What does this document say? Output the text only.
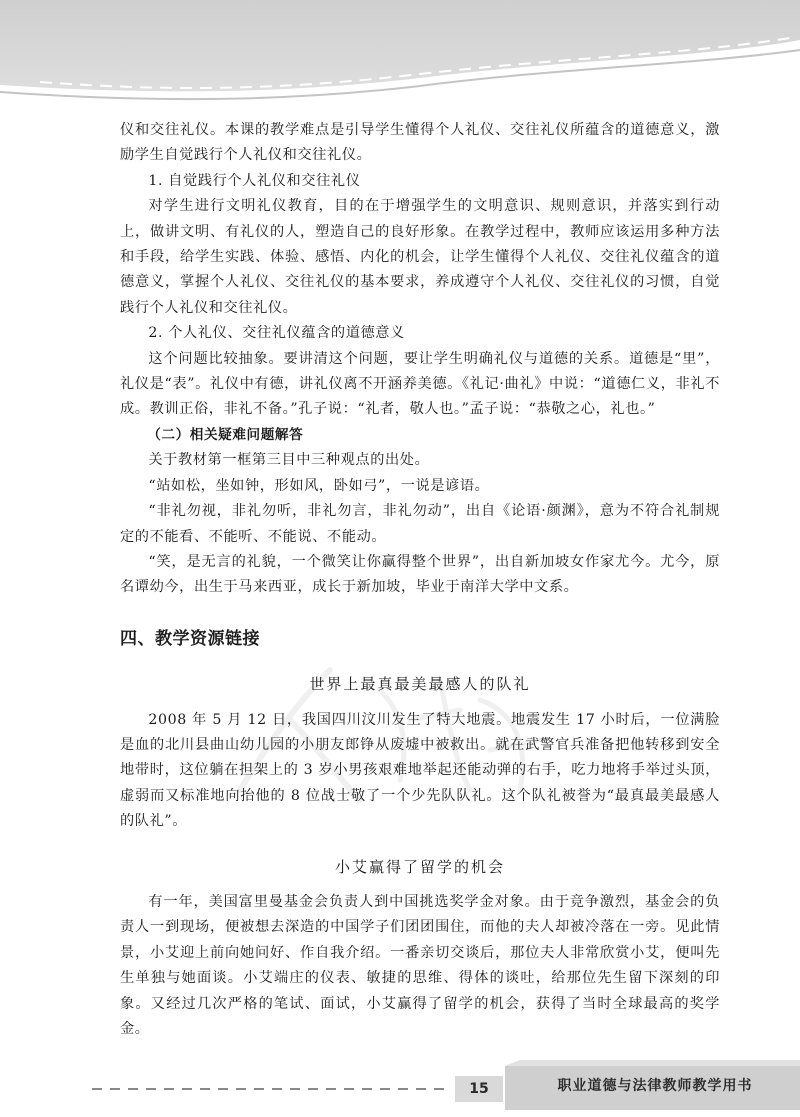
仪和交往礼仪。本课的教学难点是引导学生懂得个人礼仪、交往礼仪所蕴含的道德意义，激励学生自觉践行个人礼仪和交往礼仪。

1. 自觉践行个人礼仪和交往礼仪

对学生进行文明礼仪教育，目的在于增强学生的文明意识、规则意识，并落实到行动上，做讲文明、有礼仪的人，塑造自己的良好形象。在教学过程中，教师应该运用多种方法和手段，给学生实践、体验、感悟、内化的机会，让学生懂得个人礼仪、交往礼仪蕴含的道德意义，掌握个人礼仪、交往礼仪的基本要求，养成遵守个人礼仪、交往礼仪的习惯，自觉践行个人礼仪和交往礼仪。

2. 个人礼仪、交往礼仪蕴含的道德意义

这个问题比较抽象。要讲清这个问题，要让学生明确礼仪与道德的关系。道德是“里”，礼仪是“表”。礼仪中有德，讲礼仪离不开涵养美德。《礼记·曲礼》中说：“道德仁义，非礼不成。教训正俗，非礼不备。”孔子说：“礼者，敬人也。”孟子说：“恭敬之心，礼也。”

（二）相关疑难问题解答

关于教材第一框第三目中三种观点的出处。

“站如松，坐如钟，形如风，卧如弓”，一说是谚语。

“非礼勿视，非礼勿听，非礼勿言，非礼勿动”，出自《论语·颜渊》，意为不符合礼制规定的不能看、不能听、不能说、不能动。

“笑，是无言的礼貌，一个微笑让你赢得整个世界”，出自新加坡女作家尤今。尤今，原名谭幼今，出生于马来西亚，成长于新加坡，毕业于南洋大学中文系。

四、教学资源链接

世界上最真最美最感人的队礼

2008 年 5 月 12 日，我国四川汶川发生了特大地震。地震发生 17 小时后，一位满脸是血的北川县曲山幼儿园的小朋友郎铮从废墟中被救出。就在武警官兵准备把他转移到安全地带时，这位躺在担架上的 3 岁小男孩艰难地举起还能动弹的右手，吃力地将手举过头顶，虚弱而又标准地向抬他的 8 位战士敬了一个少先队队礼。这个队礼被誉为“最真最美最感人的队礼”。

小艾赢得了留学的机会

有一年，美国富里曼基金会负责人到中国挑选奖学金对象。由于竞争激烈，基金会的负责人一到现场，便被想去深造的中国学子们团团围住，而他的夫人却被冷落在一旁。见此情景，小艾迎上前向她问好、作自我介绍。一番亲切交谈后，那位夫人非常欣赏小艾，便叫先生单独与她面谈。小艾端庄的仪表、敏捷的思维、得体的谈吐，给那位先生留下深刻的印象。又经过几次严格的笔试、面试，小艾赢得了留学的机会，获得了当时全球最高的奖学金。

15	职业道德与法律教师教学用书
